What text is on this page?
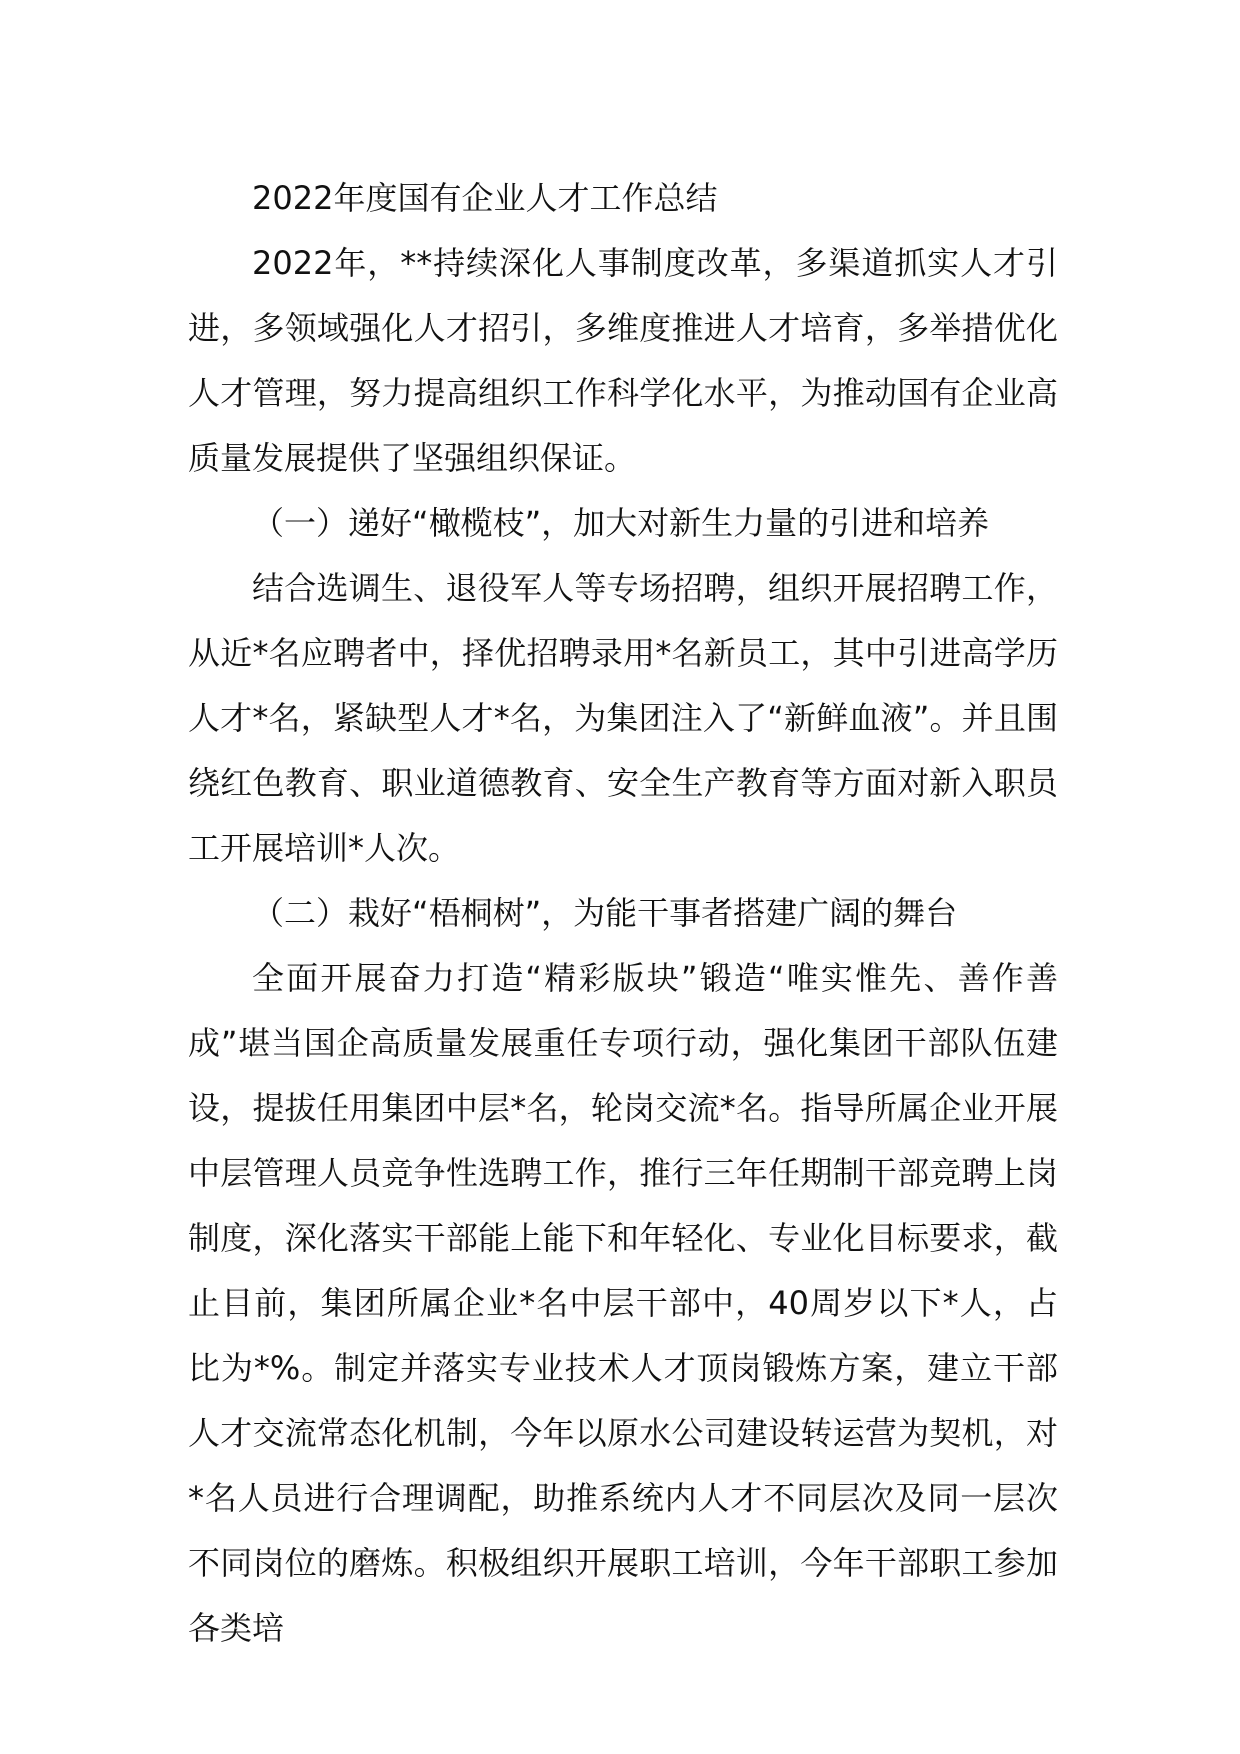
2022年度国有企业人才工作总结

2022年，**持续深化人事制度改革，多渠道抓实人才引进，多领域强化人才招引，多维度推进人才培育，多举措优化人才管理，努力提高组织工作科学化水平，为推动国有企业高质量发展提供了坚强组织保证。

（一）递好“橄榄枝”，加大对新生力量的引进和培养

结合选调生、退役军人等专场招聘，组织开展招聘工作，从近*名应聘者中，择优招聘录用*名新员工，其中引进高学历人才*名，紧缺型人才*名，为集团注入了“新鲜血液”。并且围绕红色教育、职业道德教育、安全生产教育等方面对新入职员工开展培训*人次。

（二）栽好“梧桐树”，为能干事者搭建广阔的舞台

全面开展奋力打造“精彩版块”锻造“唯实惟先、善作善成”堪当国企高质量发展重任专项行动，强化集团干部队伍建设，提拔任用集团中层*名，轮岗交流*名。指导所属企业开展中层管理人员竞争性选聘工作，推行三年任期制干部竞聘上岗制度，深化落实干部能上能下和年轻化、专业化目标要求，截止目前，集团所属企业*名中层干部中，40周岁以下*人，占比为*%。制定并落实专业技术人才顶岗锻炼方案，建立干部人才交流常态化机制，今年以原水公司建设转运营为契机，对*名人员进行合理调配，助推系统内人才不同层次及同一层次不同岗位的磨炼。积极组织开展职工培训，今年干部职工参加各类培
